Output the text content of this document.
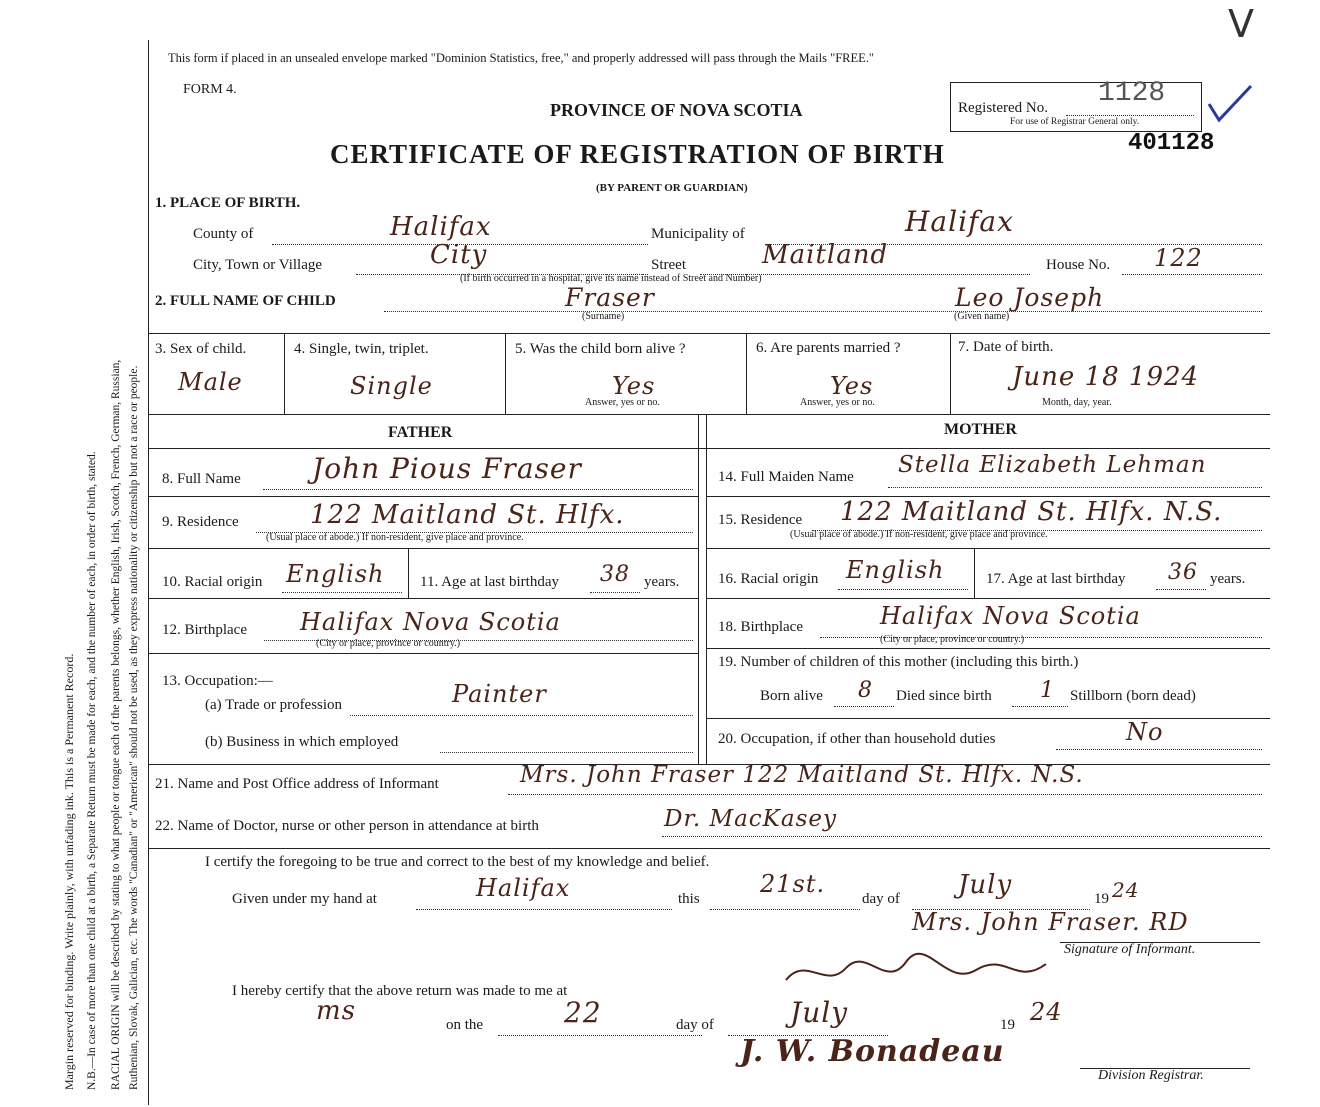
Margin reserved for binding. Write plainly, with unfading ink. This is a Permanent Record. N.B.—In case of more than one child at a birth, a Separate Return must be made for each, and the number of each, in order of birth, stated. RACIAL ORIGIN will be described by stating to what people or tongue each of the parents belongs, whether English, Irish, Scotch, French, German, Russian, Ruthenian, Slovak, Galician, etc. The words "Canadian" or "American" should not be used, as they express nationality or citizenship but not a race or people.
This form if placed in an unsealed envelope marked "Dominion Statistics, free," and properly addressed will pass through the Mails "FREE."
V
FORM 4.
PROVINCE OF NOVA SCOTIA
CERTIFICATE OF REGISTRATION OF BIRTH
(BY PARENT OR GUARDIAN)
Registered No. 1128
For use of Registrar General only.
401128
1. PLACE OF BIRTH.
County of	Halifax	Municipality of	Halifax
City, Town or Village	City	Street	Maitland	House No. 122
(If birth occurred in a hospital, give its name instead of Street and Number)
2. FULL NAME OF CHILD	Fraser
(Surname)
Leo Joseph
(Given name)
3. Sex of child.
Male
4. Single, twin, triplet.
Single
5. Was the child born alive ?
Yes
Answer, yes or no.
6. Are parents married ?
Yes
Answer, yes or no.
7. Date of birth.
June 18 1924
Month, day, year.
FATHER	MOTHER
8. Full Name	John Pious Fraser
9. Residence	122 Maitland St. Hlfx.
(Usual place of abode.) If non-resident, give place and province.
10. Racial origin English 11. Age at last birthday 38 years.
12. Birthplace Halifax Nova Scotia
(City or place, province or country.)
13. Occupation:—
(a) Trade or profession	Painter
(b) Business in which employed
14. Full Maiden Name Stella Elizabeth Lehman
15. Residence 122 Maitland St. Hlfx. N.S.
(Usual place of abode.) If non-resident, give place and province.
16. Racial origin English	17. Age at last birthday 36 years.
18. Birthplace	Halifax Nova Scotia
(City or place, province or country.)
19. Number of children of this mother (including this birth.)
Born alive 8 Died since birth 1 Stillborn (born dead)
20. Occupation, if other than household duties	No
21. Name and Post Office address of Informant	Mrs. John Fraser 122 Maitland St. Hlfx. N.S.
22. Name of Doctor, nurse or other person in attendance at birth	Dr. MacKasey
I certify the foregoing to be true and correct to the best of my knowledge and belief.
Given under my hand at	Halifax	this
21st.
day of July	19 24
Mrs. John Fraser. RD
Signature of Informant.
I hereby certify that the above return was made to me at
ms	on the	22	day of	July	19 24
J. W. Bonadeau
Division Registrar.
